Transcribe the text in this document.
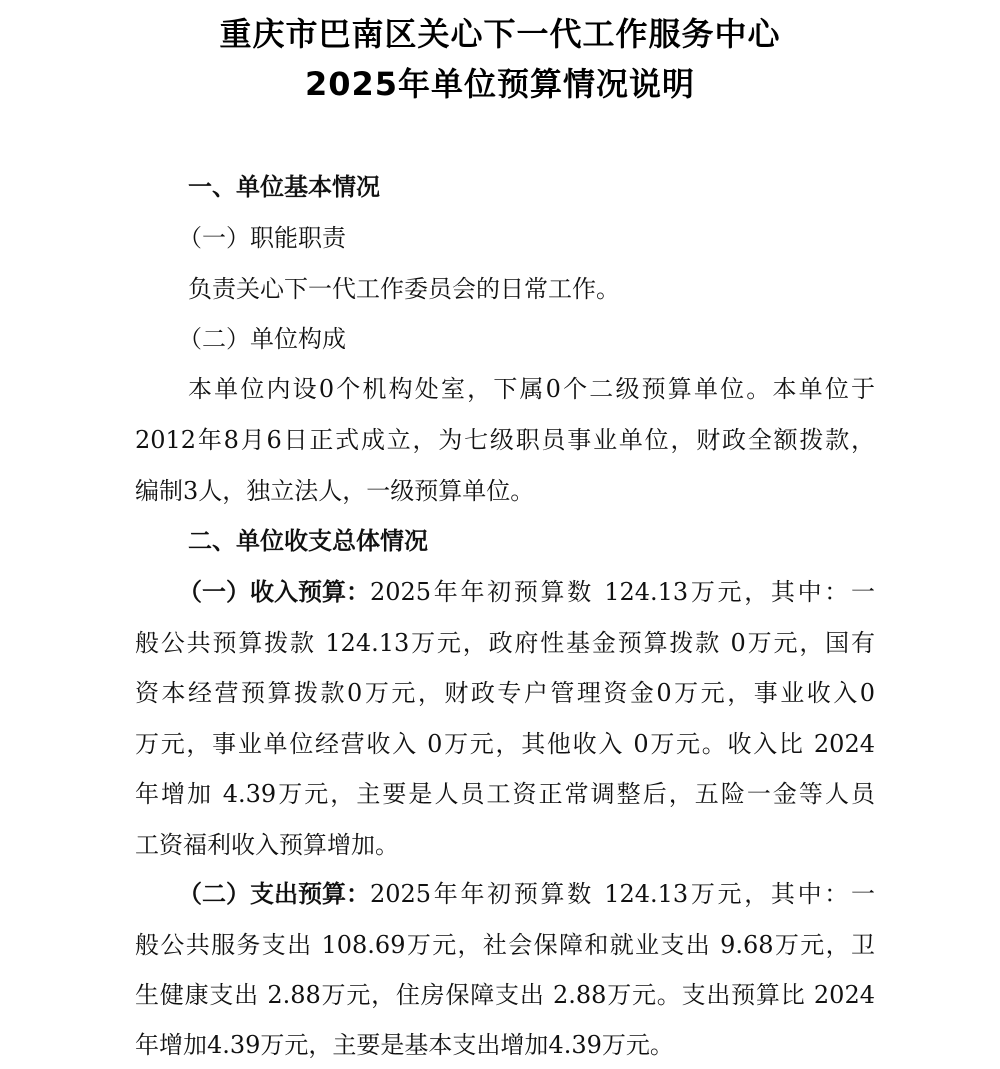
重庆市巴南区关心下一代工作服务中心
2025年单位预算情况说明
一、单位基本情况
（一）职能职责
负责关心下一代工作委员会的日常工作。
（二）单位构成
本单位内设0个机构处室，下属0个二级预算单位。本单位于
2012年8月6日正式成立，为七级职员事业单位，财政全额拨款，
编制3人，独立法人，一级预算单位。
二、单位收支总体情况
（一）收入预算： 2025年年初预算数 124.13万元，其中：一
般公共预算拨款 124.13万元，政府性基金预算拨款 0万元，国有
资本经营预算拨款0万元，财政专户管理资金0万元，事业收入0
万元，事业单位经营收入 0万元，其他收入 0万元。收入比 2024
年增加 4.39万元，主要是人员工资正常调整后，五险一金等人员
工资福利收入预算增加。
（二）支出预算： 2025年年初预算数 124.13万元，其中：一
般公共服务支出 108.69万元，社会保障和就业支出 9.68万元，卫
生健康支出 2.88万元，住房保障支出 2.88万元。支出预算比 2024
年增加4.39万元，主要是基本支出增加4.39万元。
